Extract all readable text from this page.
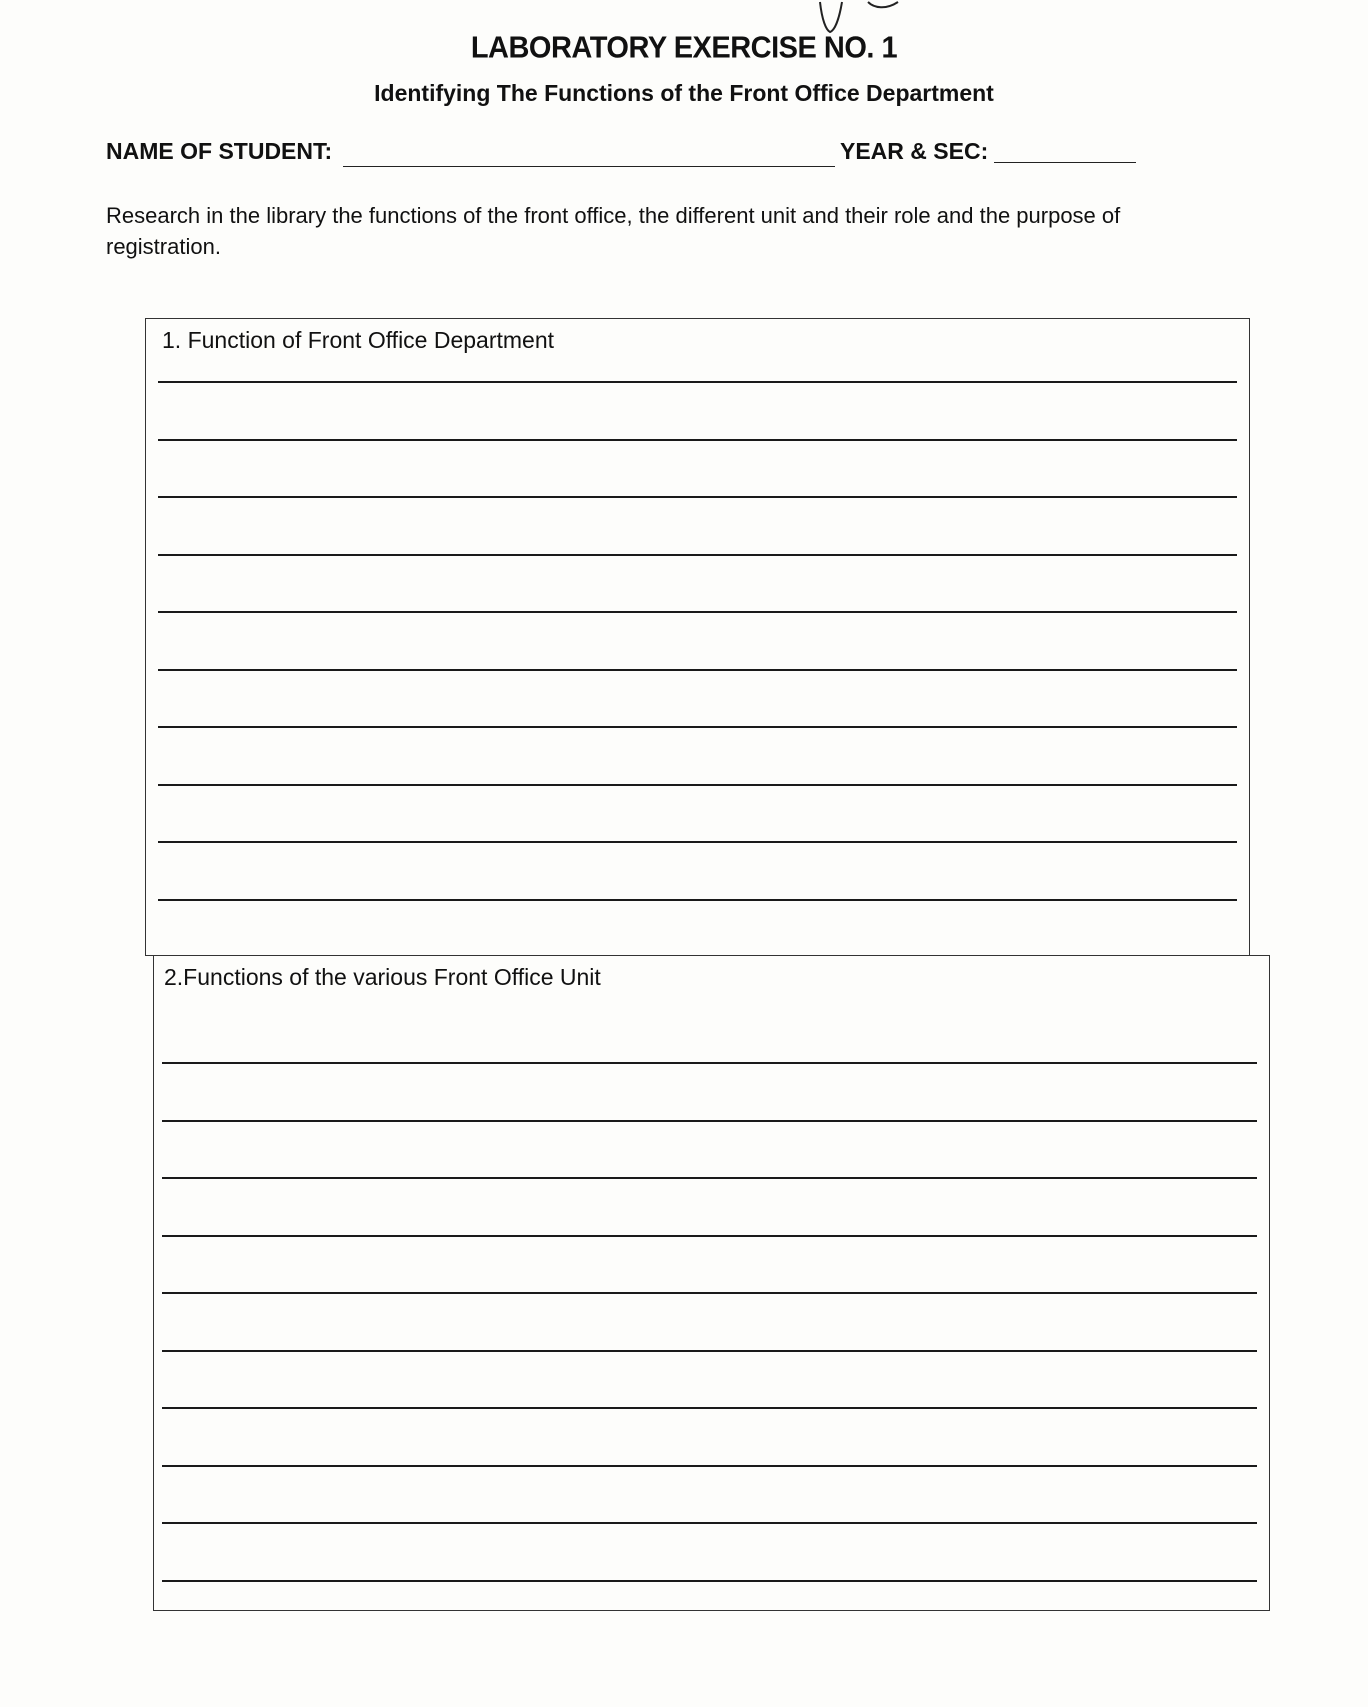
LABORATORY EXERCISE NO. 1
Identifying The Functions of the Front Office Department
NAME OF STUDENT:	YEAR & SEC:
Research in the library the functions of the front office, the different unit and their role and the purpose of registration.
1. Function of Front Office Department
2.Functions of the various Front Office Unit
